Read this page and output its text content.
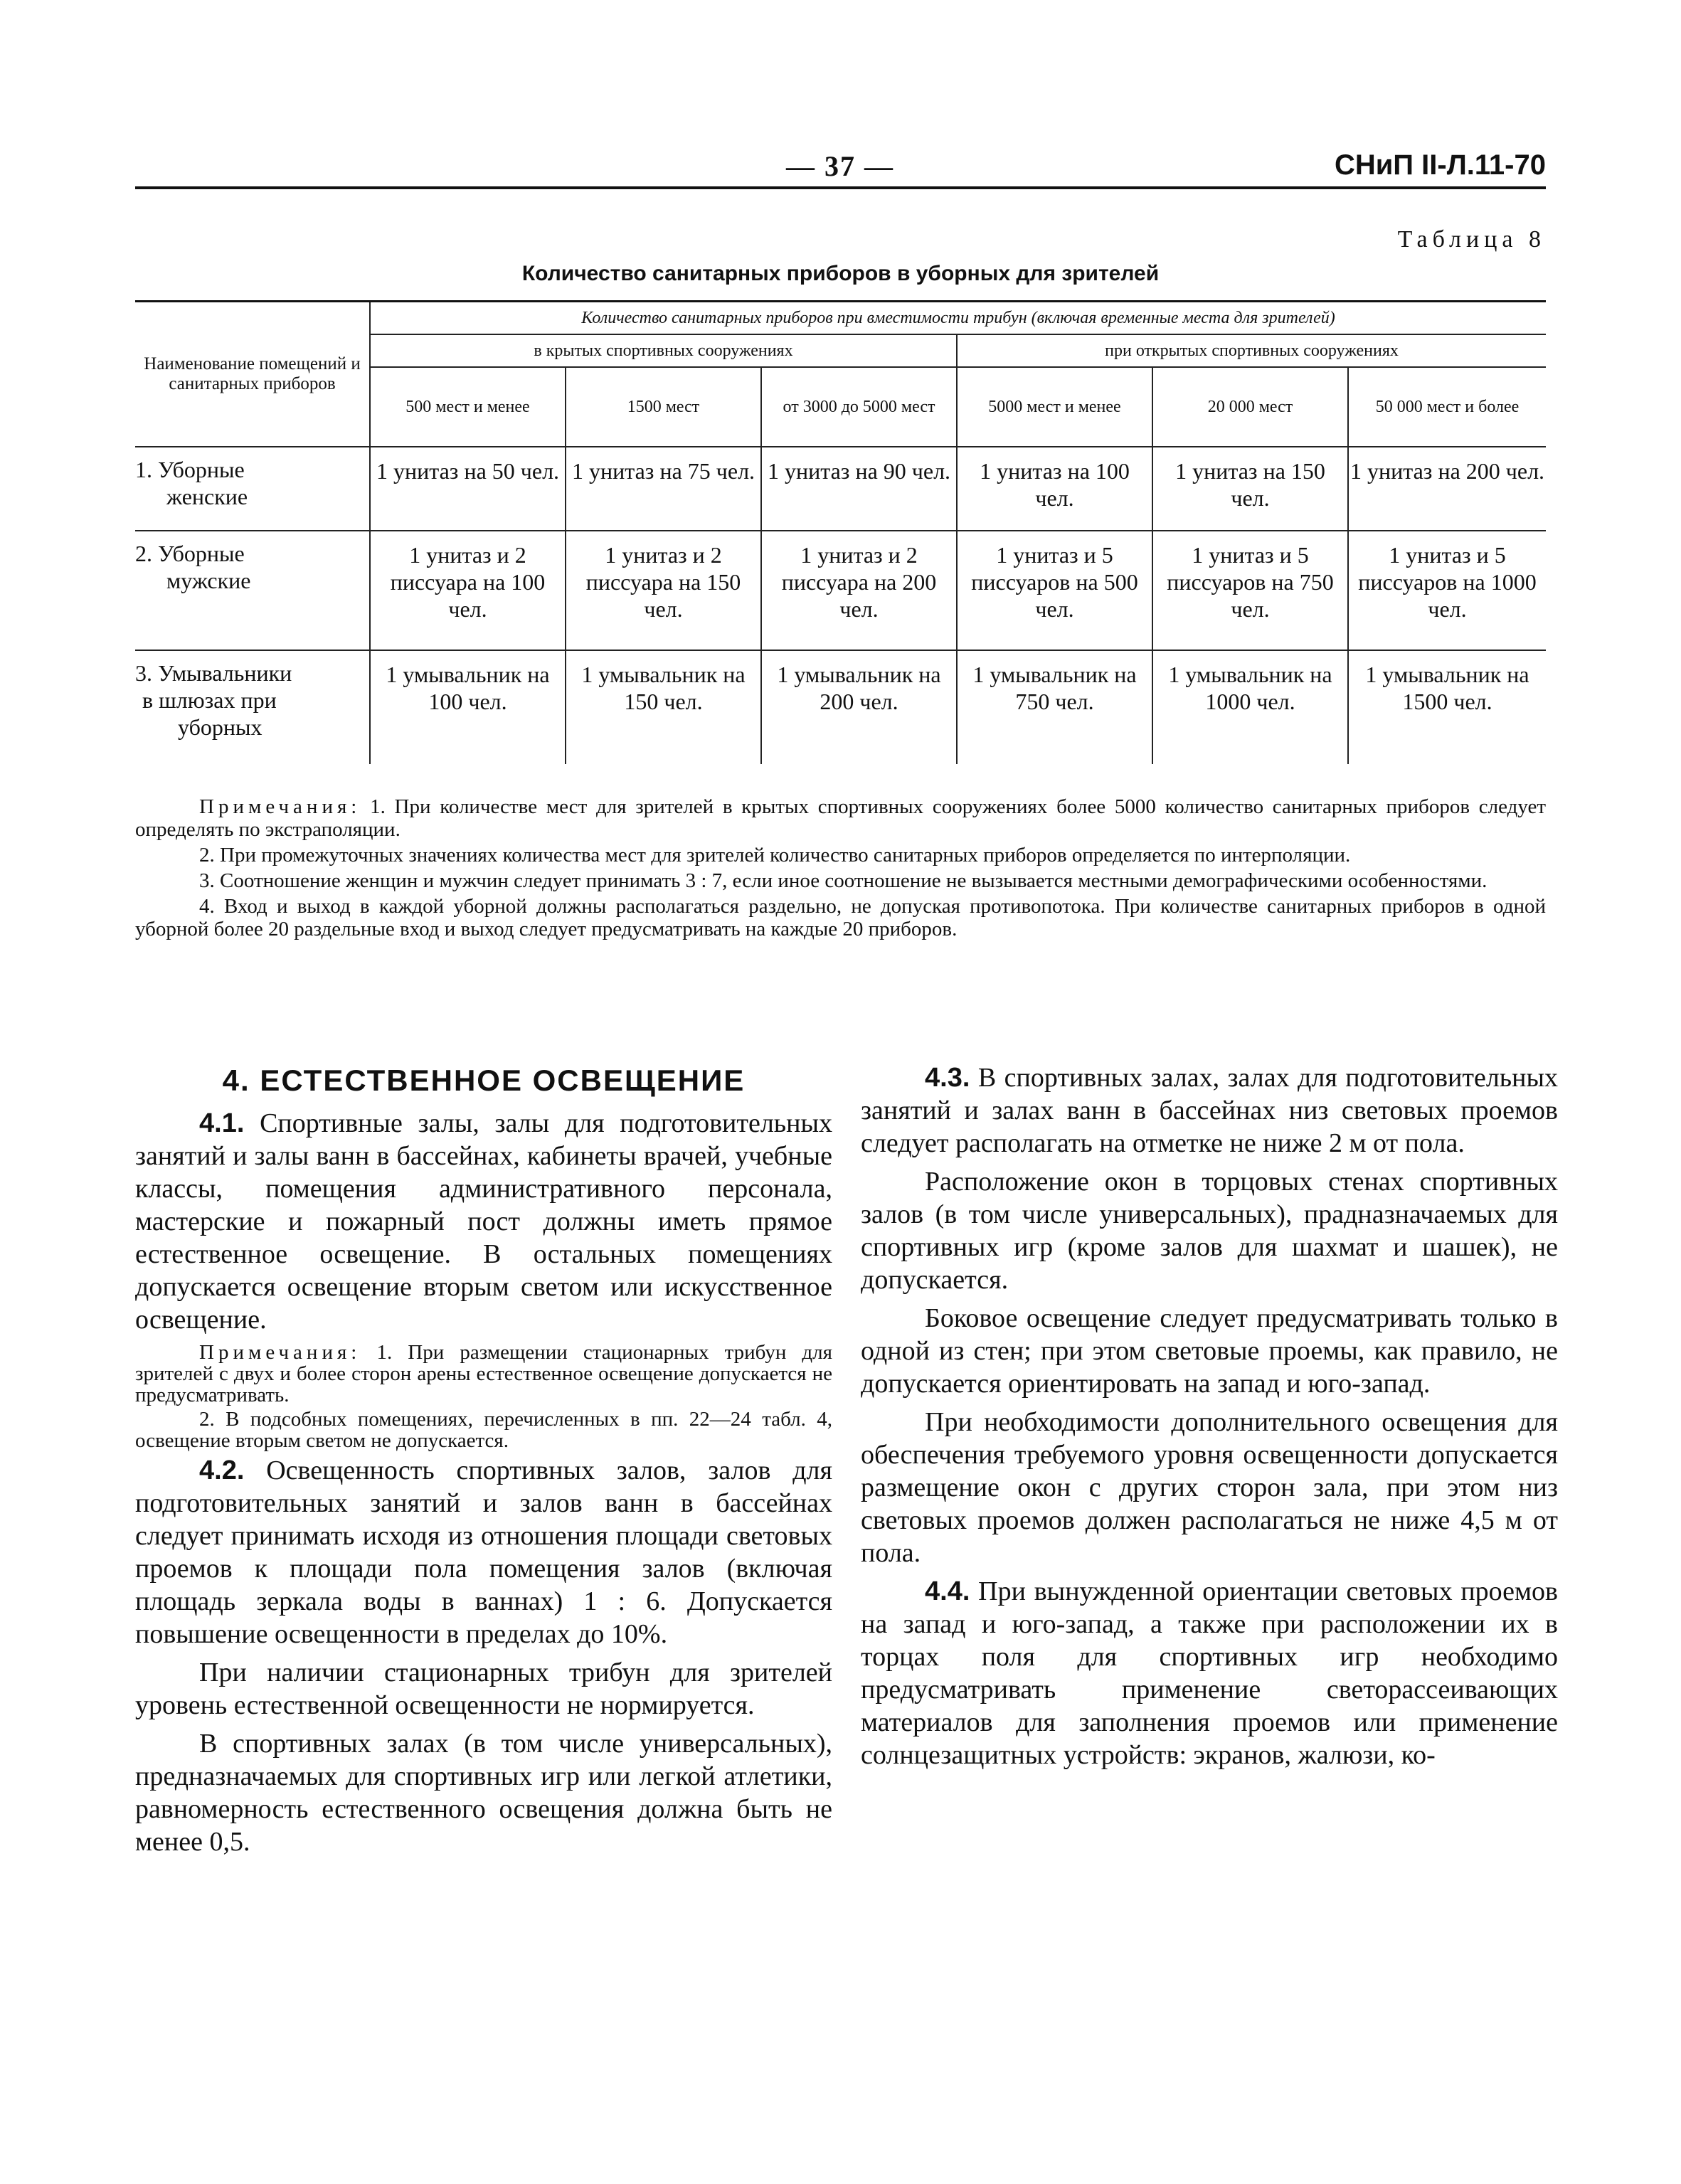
— 37 —	СНиП II-Л.11-70
Таблица 8
Количество санитарных приборов в уборных для зрителей
Наименование помещений и санитарных приборов	Количество санитарных приборов при вместимости трибун (включая временные места для зрителей)					
	в крытых спортивных сооружениях			при открытых спортивных сооружениях		
	500 мест и менее	1500 мест	от 3000 до 5000 мест	5000 мест и менее	20 000 мест	50 000 мест и более

1. Уборные
женские	1 унитаз на 50 чел.	1 унитаз на 75 чел.	1 унитаз на 90 чел.	1 унитаз на 100 чел.	1 унитаз на 150 чел.	1 унитаз на 200 чел.

2. Уборные
мужские	1 унитаз и 2 писсуара на 100 чел.	1 унитаз и 2 писсуара на 150 чел.	1 унитаз и 2 писсуара на 200 чел.	1 унитаз и 5 писсуаров на 500 чел.	1 унитаз и 5 писсуаров на 750 чел.	1 унитаз и 5 писсуаров на 1000 чел.

3. Умывальники
в шлюзах при
уборных	1 умывальник на 100 чел.	1 умывальник на 150 чел.	1 умывальник на 200 чел.	1 умывальник на 750 чел.	1 умывальник на 1000 чел.	1 умывальник на 1500 чел.

Примечания: 1. При количестве мест для зрителей в крытых спортивных сооружениях более 5000 количество санитарных приборов следует определять по экстраполяции.

2. При промежуточных значениях количества мест для зрителей количество санитарных приборов определяется по интерполяции.

3. Соотношение женщин и мужчин следует принимать 3 : 7, если иное соотношение не вызывается местными демографическими особенностями.

4. Вход и выход в каждой уборной должны располагаться раздельно, не допуская противопотока. При количестве санитарных приборов в одной уборной более 20 раздельные вход и выход следует предусматривать на каждые 20 приборов.

4. ЕСТЕСТВЕННОЕ ОСВЕЩЕНИЕ

4.1. Спортивные залы, залы для подготовительных занятий и залы ванн в бассейнах, кабинеты врачей, учебные классы, помещения административного персонала, мастерские и пожарный пост должны иметь прямое естественное освещение. В остальных помещениях допускается освещение вторым светом или искусственное освещение.

Примечания: 1. При размещении стационарных трибун для зрителей с двух и более сторон арены естественное освещение допускается не предусматривать.

2. В подсобных помещениях, перечисленных в пп. 22—24 табл. 4, освещение вторым светом не допускается.

4.2. Освещенность спортивных залов, залов для подготовительных занятий и залов ванн в бассейнах следует принимать исходя из отношения площади световых проемов к площади пола помещения залов (включая площадь зеркала воды в ваннах) 1 : 6. Допускается повышение освещенности в пределах до 10%.

При наличии стационарных трибун для зрителей уровень естественной освещенности не нормируется.

В спортивных залах (в том числе универсальных), предназначаемых для спортивных игр или легкой атлетики, равномерность естественного освещения должна быть не менее 0,5.

4.3. В спортивных залах, залах для подготовительных занятий и залах ванн в бассейнах низ световых проемов следует располагать на отметке не ниже 2 м от пола.

Расположение окон в торцовых стенах спортивных залов (в том числе универсальных), прадназначаемых для спортивных игр (кроме залов для шахмат и шашек), не допускается.

Боковое освещение следует предусматривать только в одной из стен; при этом световые проемы, как правило, не допускается ориентировать на запад и юго-запад.

При необходимости дополнительного освещения для обеспечения требуемого уровня освещенности допускается размещение окон с других сторон зала, при этом низ световых проемов должен располагаться не ниже 4,5 м от пола.

4.4. При вынужденной ориентации световых проемов на запад и юго-запад, а также при расположении их в торцах поля для спортивных игр необходимо предусматривать применение светорассеивающих материалов для заполнения проемов или применение солнцезащитных устройств: экранов, жалюзи, ко-
